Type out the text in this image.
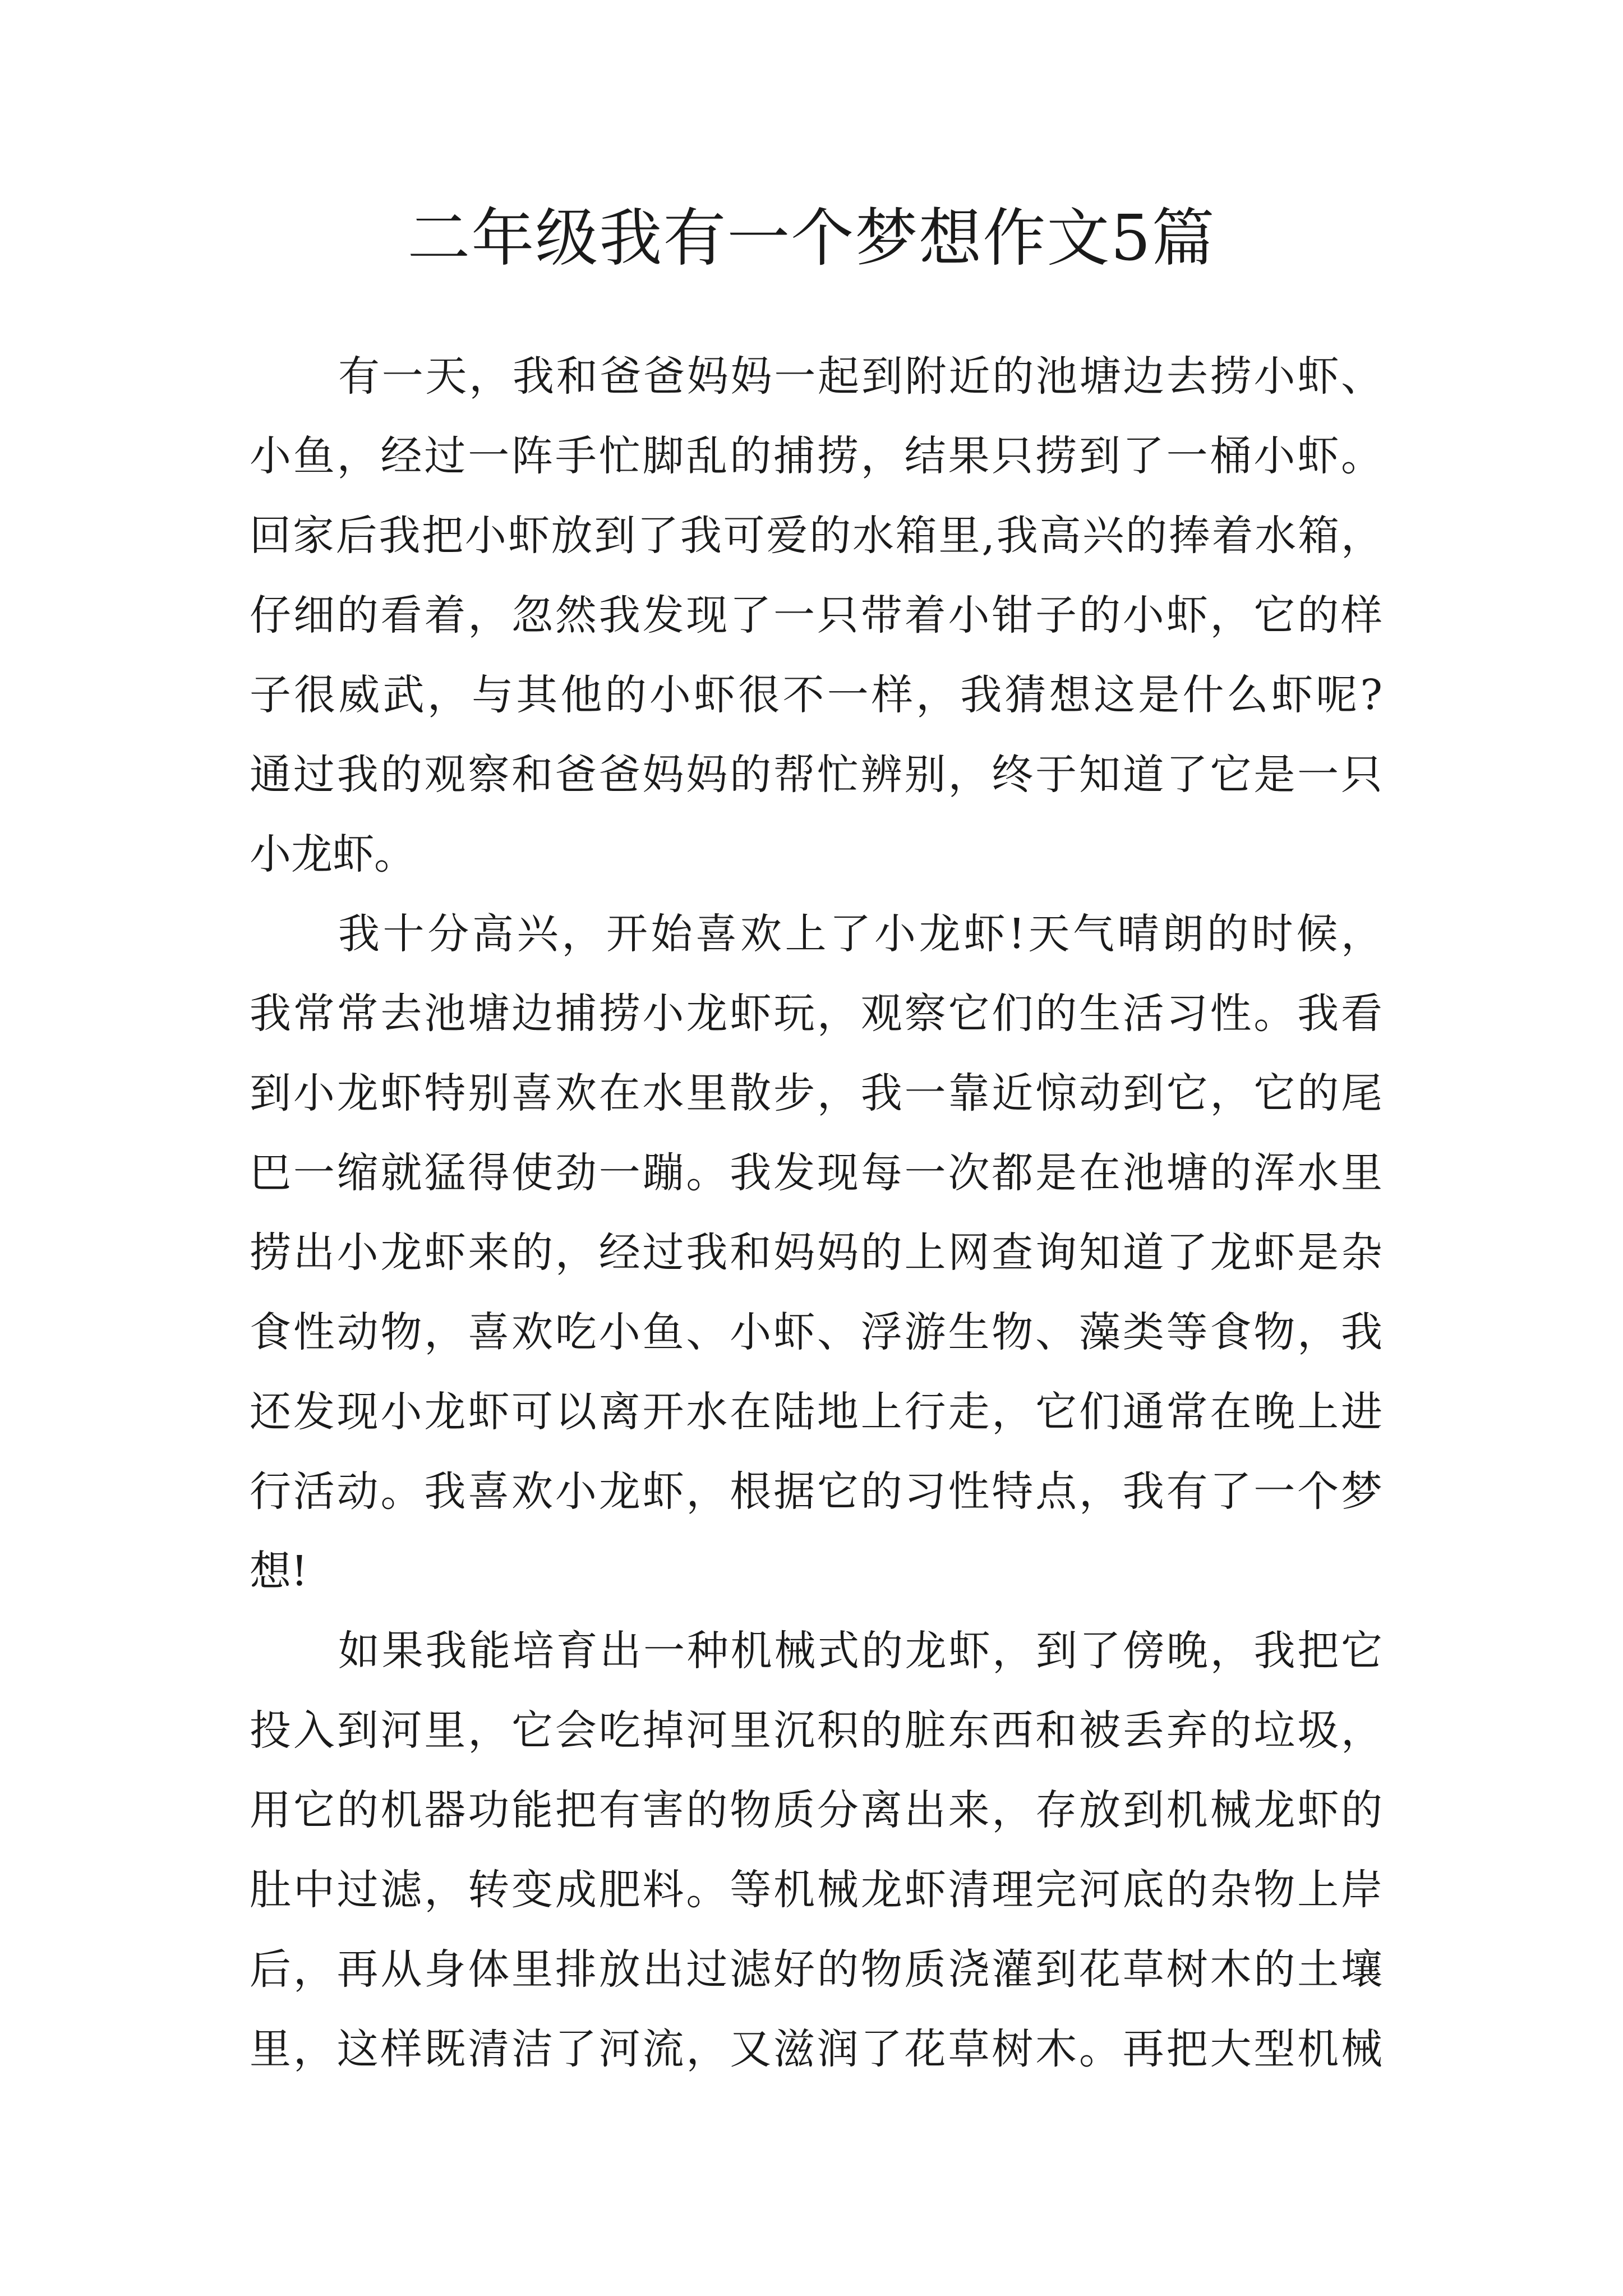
二年级我有一个梦想作文5篇
有一天，我和爸爸妈妈一起到附近的池塘边去捞小虾、
小鱼，经过一阵手忙脚乱的捕捞，结果只捞到了一桶小虾。
回家后我把小虾放到了我可爱的水箱里,我高兴的捧着水箱，
仔细的看着，忽然我发现了一只带着小钳子的小虾，它的样
子很威武，与其他的小虾很不一样，我猜想这是什么虾呢?
通过我的观察和爸爸妈妈的帮忙辨别，终于知道了它是一只
小龙虾。
我十分高兴，开始喜欢上了小龙虾!天气晴朗的时候，
我常常去池塘边捕捞小龙虾玩，观察它们的生活习性。我看
到小龙虾特别喜欢在水里散步，我一靠近惊动到它，它的尾
巴一缩就猛得使劲一蹦。我发现每一次都是在池塘的浑水里
捞出小龙虾来的，经过我和妈妈的上网查询知道了龙虾是杂
食性动物，喜欢吃小鱼、小虾、浮游生物、藻类等食物，我
还发现小龙虾可以离开水在陆地上行走，它们通常在晚上进
行活动。我喜欢小龙虾，根据它的习性特点，我有了一个梦
想!
如果我能培育出一种机械式的龙虾，到了傍晚，我把它
投入到河里，它会吃掉河里沉积的脏东西和被丢弃的垃圾，
用它的机器功能把有害的物质分离出来，存放到机械龙虾的
肚中过滤，转变成肥料。等机械龙虾清理完河底的杂物上岸
后，再从身体里排放出过滤好的物质浇灌到花草树木的土壤
里，这样既清洁了河流，又滋润了花草树木。再把大型机械
